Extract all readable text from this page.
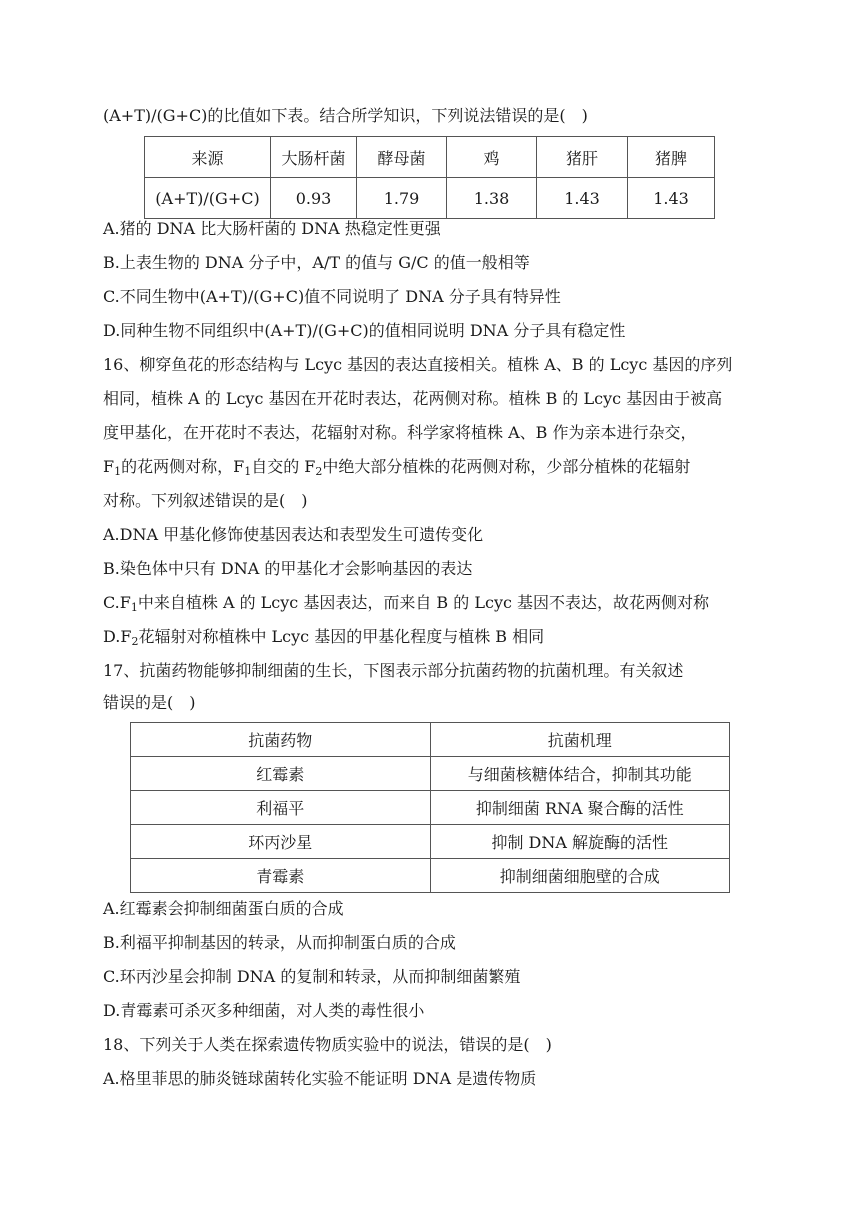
(A+T)/(G+C)的比值如下表。结合所学知识，下列说法错误的是(　)
来源	大肠杆菌	酵母菌	鸡	猪肝	猪脾
(A+T)/(G+C)	0.93	1.79	1.38	1.43	1.43
A.猪的 DNA 比大肠杆菌的 DNA 热稳定性更强
B.上表生物的 DNA 分子中，A/T 的值与 G/C 的值一般相等
C.不同生物中(A+T)/(G+C)值不同说明了 DNA 分子具有特异性
D.同种生物不同组织中(A+T)/(G+C)的值相同说明 DNA 分子具有稳定性
16、柳穿鱼花的形态结构与 Lcyc 基因的表达直接相关。植株 A、B 的 Lcyc 基因的序列
相同，植株 A 的 Lcyc 基因在开花时表达，花两侧对称。植株 B 的 Lcyc 基因由于被高
度甲基化，在开花时不表达，花辐射对称。科学家将植株 A、B 作为亲本进行杂交，
$F_1$的花两侧对称，$F_1$自交的 $F_2$中绝大部分植株的花两侧对称，少部分植株的花辐射
对称。下列叙述错误的是(　)
A.DNA 甲基化修饰使基因表达和表型发生可遗传变化
B.染色体中只有 DNA 的甲基化才会影响基因的表达
$C.F_1$中来自植株 A 的 Lcyc 基因表达，而来自 B 的 Lcyc 基因不表达，故花两侧对称
$D.F_2$花辐射对称植株中 Lcyc 基因的甲基化程度与植株 B 相同
17、抗菌药物能够抑制细菌的生长，下图表示部分抗菌药物的抗菌机理。有关叙述
错误的是(　)
抗菌药物	抗菌机理
红霉素	与细菌核糖体结合，抑制其功能
利福平	抑制细菌 RNA 聚合酶的活性
环丙沙星	抑制 DNA 解旋酶的活性
青霉素	抑制细菌细胞壁的合成
A.红霉素会抑制细菌蛋白质的合成
B.利福平抑制基因的转录，从而抑制蛋白质的合成
C.环丙沙星会抑制 DNA 的复制和转录，从而抑制细菌繁殖
D.青霉素可杀灭多种细菌，对人类的毒性很小
18、下列关于人类在探索遗传物质实验中的说法，错误的是(　)
A.格里菲思的肺炎链球菌转化实验不能证明 DNA 是遗传物质
